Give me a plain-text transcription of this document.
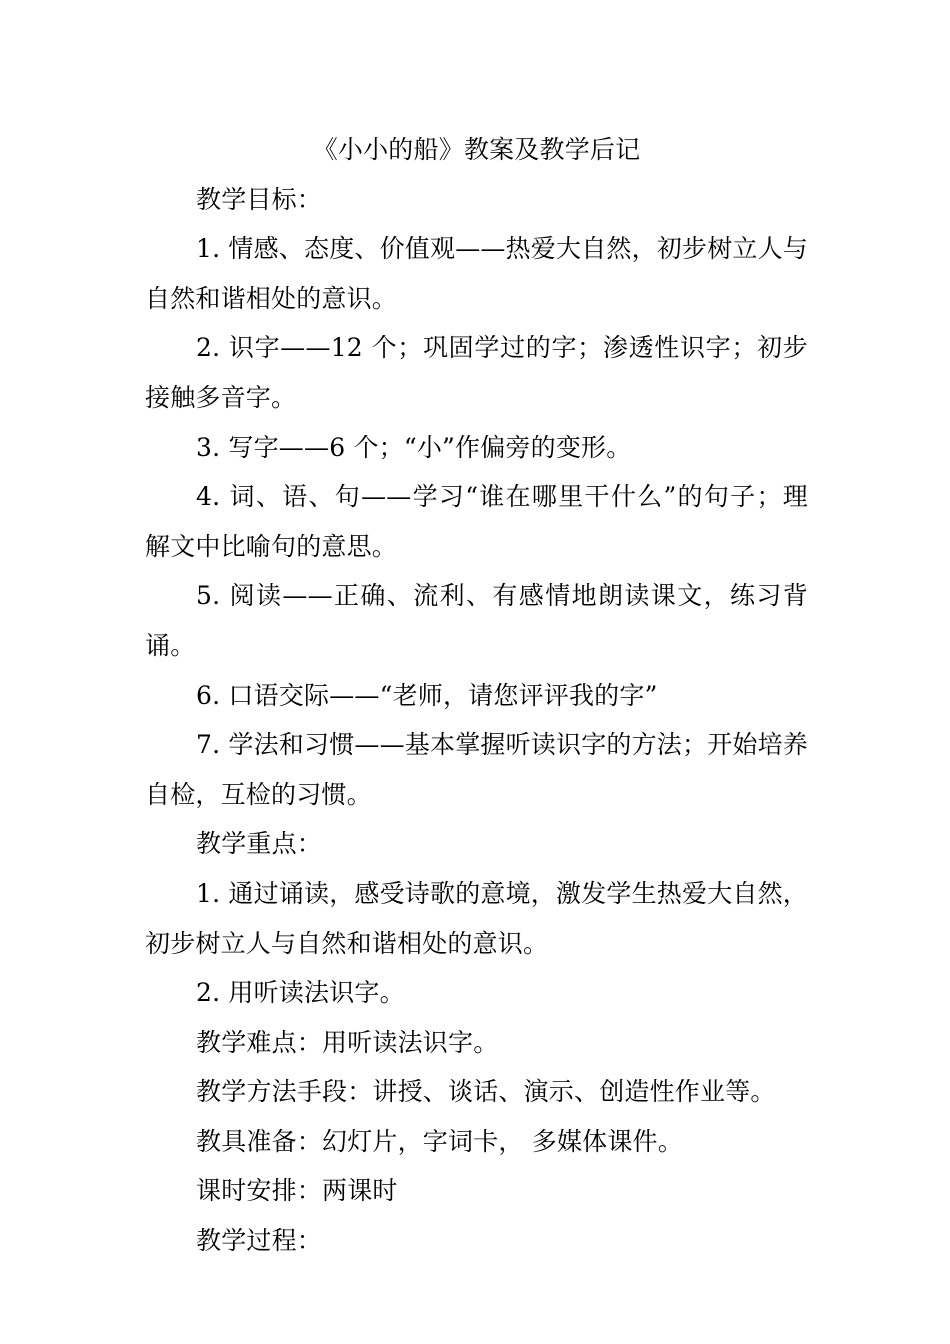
《小小的船》教案及教学后记

教学目标：

1. 情感、态度、价值观——热爱大自然，初步树立人与自然和谐相处的意识。

2. 识字——12 个；巩固学过的字；渗透性识字；初步接触多音字。

3. 写字——6 个；“小”作偏旁的变形。

4. 词、语、句——学习“谁在哪里干什么”的句子；理解文中比喻句的意思。

5. 阅读——正确、流利、有感情地朗读课文，练习背诵。

6. 口语交际——“老师，请您评评我的字”

7. 学法和习惯——基本掌握听读识字的方法；开始培养自检，互检的习惯。

教学重点：

1. 通过诵读，感受诗歌的意境，激发学生热爱大自然，初步树立人与自然和谐相处的意识。

2. 用听读法识字。

教学难点：用听读法识字。

教学方法手段：讲授、谈话、演示、创造性作业等。

教具准备：幻灯片，字词卡， 多媒体课件。

课时安排：两课时

教学过程：
